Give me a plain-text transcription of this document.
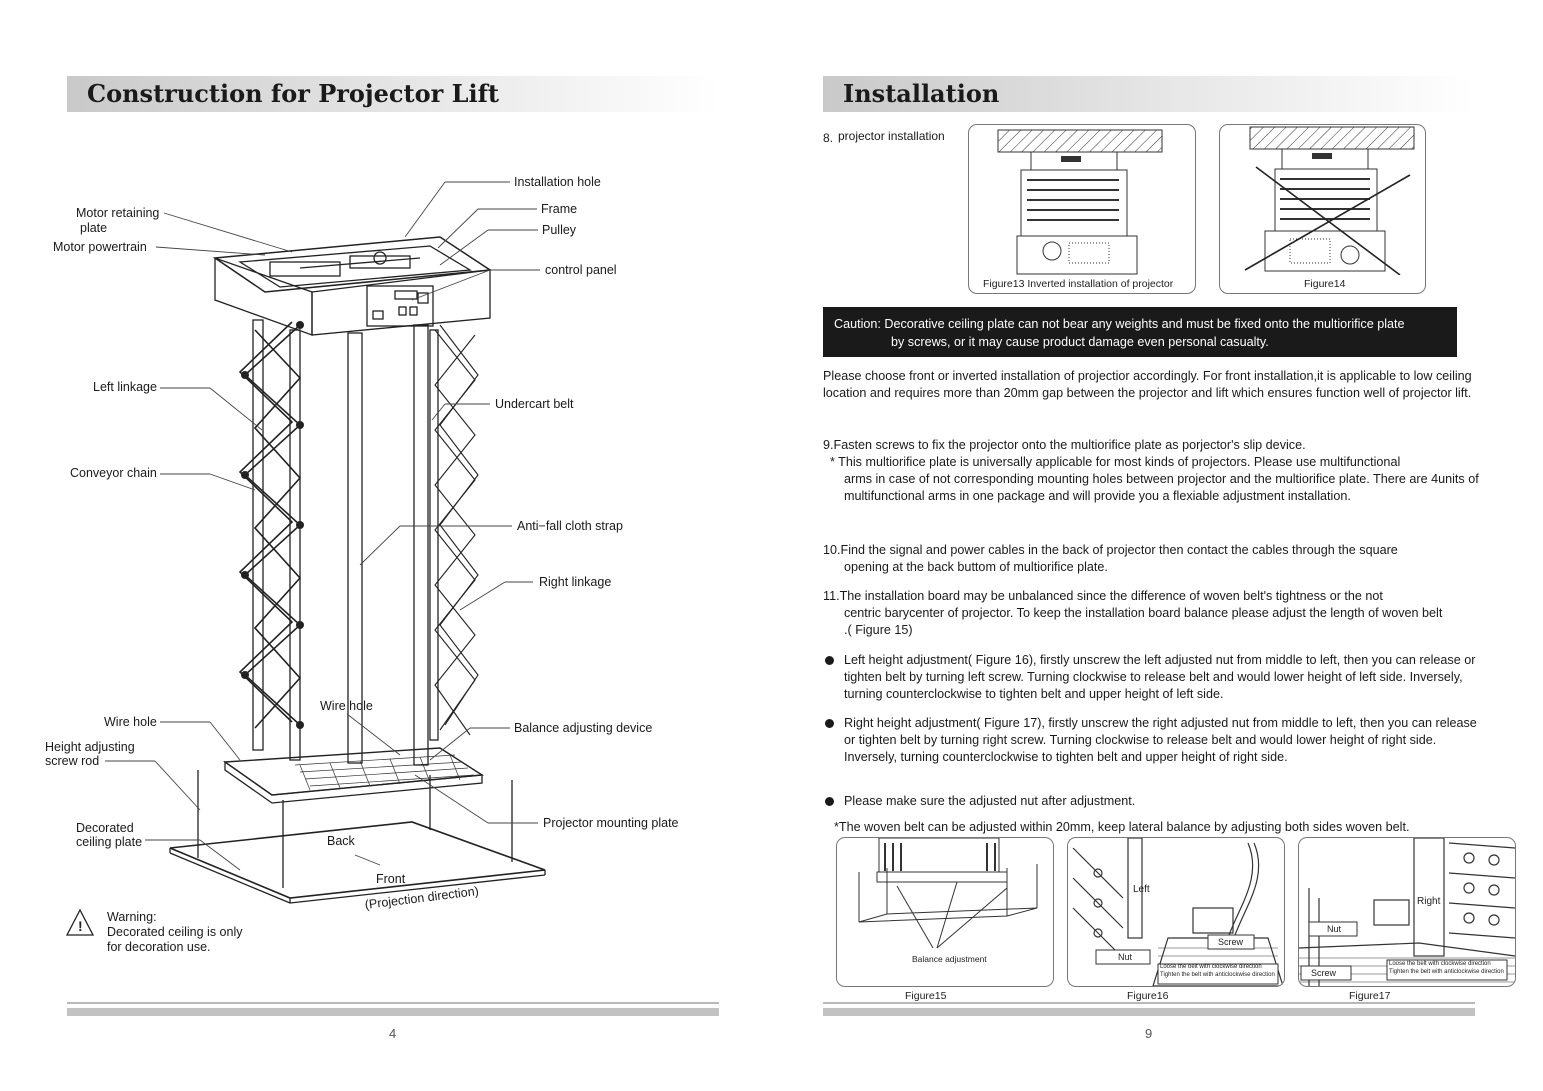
Construction for Projector Lift
!
Installation hole
Motor retaining
plate
Frame
Motor powertrain
Pulley
control panel
Left linkage
Undercart belt
Conveyor chain
Anti−fall cloth strap
Right linkage
Wire hole
Wire hole	Balance adjusting device
Height adjusting
screw rod
Projector mounting plate
Decorated
ceiling plate	Back
Front
(Projection direction)
Warning:
Decorated ceiling is only
for decoration use.
4
Installation
8. projector installation
Figure13 Inverted installation of projector	Figure14
Caution: Decorative ceiling plate can not bear any weights and must be fixed onto the multiorifice plate
by screws, or it may cause product damage even personal casualty.

Please choose front or inverted installation of projectior accordingly. For front installation,it is applicable to low ceiling location and requires more than 20mm gap between the projector and lift which ensures function well of projector lift.

9.Fasten screws to fix the projector onto the multiorifice plate as porjector's slip device.

* This multiorifice plate is universally applicable for most kinds of projectors. Please use multifunctional

arms in case of not corresponding mounting holes between projector and the multiorifice plate. There are 4units of multifunctional arms in one package and will provide you a flexiable adjustment installation.

10.Find the signal and power cables in the back of projector then contact the cables through the square

opening at the back buttom of multiorifice plate.

11.The installation board may be unbalanced since the difference of woven belt's tightness or the not

centric barycenter of projector. To keep the installation board balance please adjust the length of woven belt .( Figure 15)

Left height adjustment( Figure 16), firstly unscrew the left adjusted nut from middle to left, then you can release or tighten belt by turning left screw. Turning clockwise to release belt and would lower height of left side. Inversely, turning counterclockwise to tighten belt and upper height of left side.
Right height adjustment( Figure 17), firstly unscrew the right adjusted nut from middle to left, then you can release or tighten belt by turning right screw. Turning clockwise to release belt and would lower height of right side. Inversely, turning counterclockwise to tighten belt and upper height of right side.
Please make sure the adjusted nut after adjustment.
*The woven belt can be adjusted within 20mm, keep lateral balance by adjusting both sides woven belt.
Balance adjustment
Figure15
Left
Screw
Nut
Loose the belt with clockwise direction
Tighten the belt with anticlockwise direction
Figure16
Right
Nut
Screw
Loose the belt with clockwise direction
Tighten the belt with anticlockwise direction
Figure17
9
